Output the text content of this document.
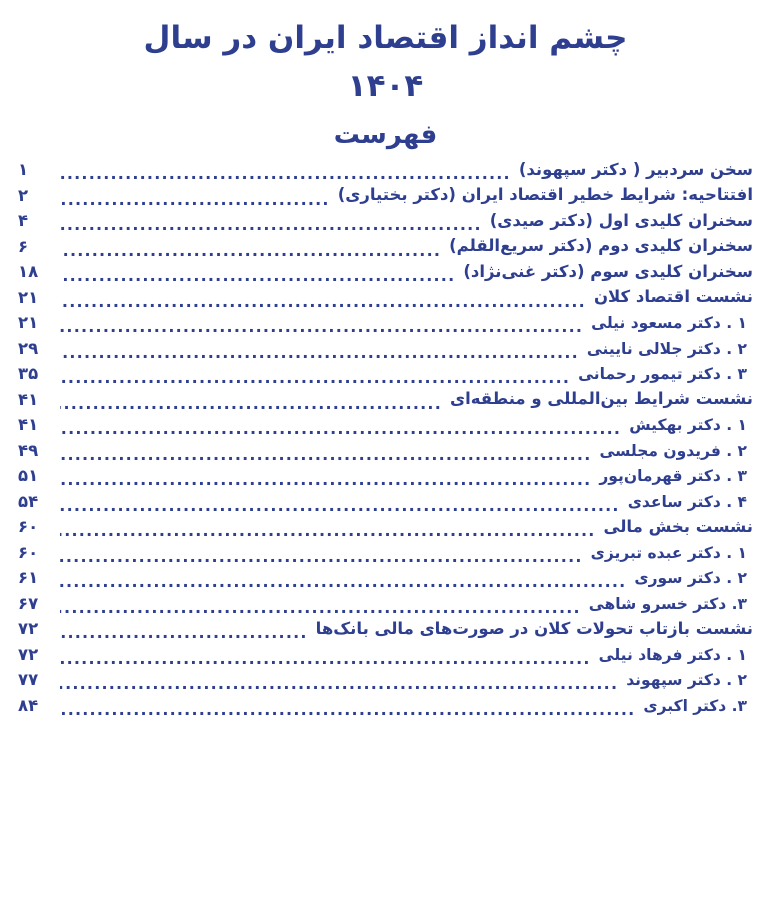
چشم انداز اقتصاد ایران در سال
۱۴۰۴
فهرست
سخن سردبیر ( دکتر سپهوند)
.....
۱
افتتاحیه: شرایط خطیر اقتصاد ایران (دکتر بختیاری)
.....
۲
سخنران کلیدی اول (دکتر صیدی)
.....
۴
سخنران کلیدی دوم (دکتر سریع‌القلم)
.....
۶
سخنران کلیدی سوم (دکتر غنی‌نژاد)
.....
۱۸
نشست اقتصاد کلان
.....
۲۱
۱ . دکتر مسعود نیلی
.....
۲۱
۲ . دکتر جلالی نایینی
.....
۲۹
۳ . دکتر تیمور رحمانی
.....
۳۵
نشست شرایط بین‌المللی و منطقه‌ای
.....
۴۱
۱ . دکتر بهکیش
.....
۴۱
۲ . فریدون مجلسی
.....
۴۹
۳ . دکتر قهرمان‌پور
.....
۵۱
۴ . دکتر ساعدی
.....
۵۴
نشست بخش مالی
.....
۶۰
۱ . دکتر عبده تبریزی
.....
۶۰
۲ . دکتر سوری
.....
۶۱
۳. دکتر خسرو شاهی
.....
۶۷
نشست بازتاب تحولات کلان در صورت‌های مالی بانک‌ها
.....
۷۲
۱ . دکتر فرهاد نیلی
.....
۷۲
۲ . دکتر سپهوند
.....
۷۷
۳. دکتر اکبری
.....
۸۴
